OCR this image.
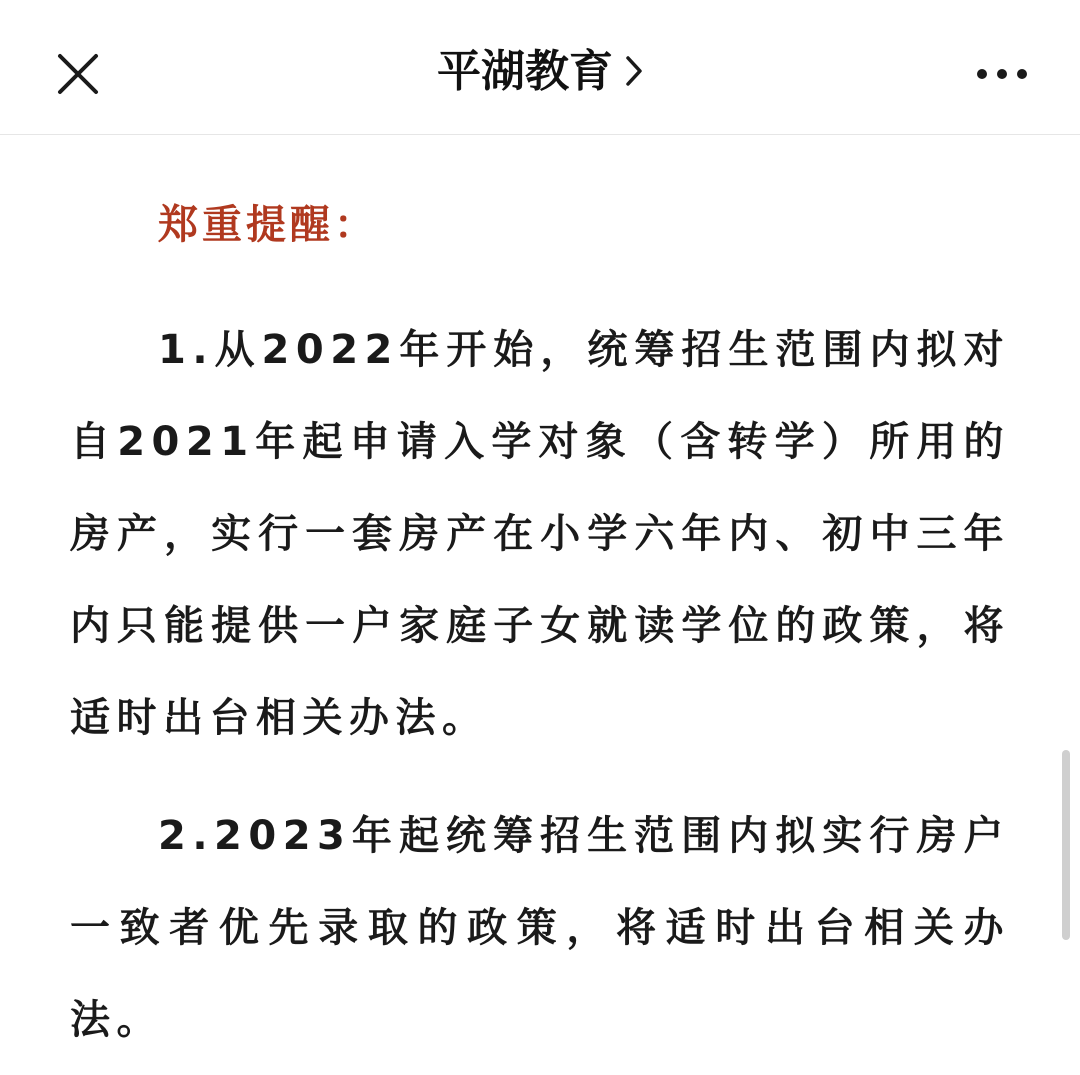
平湖教育
郑重提醒：
1.从2022年开始，统筹招生范围内拟对自2021年起申请入学对象（含转学）所用的房产，实行一套房产在小学六年内、初中三年内只能提供一户家庭子女就读学位的政策，将适时出台相关办法。
2.2023年起统筹招生范围内拟实行房户一致者优先录取的政策，将适时出台相关办法。
